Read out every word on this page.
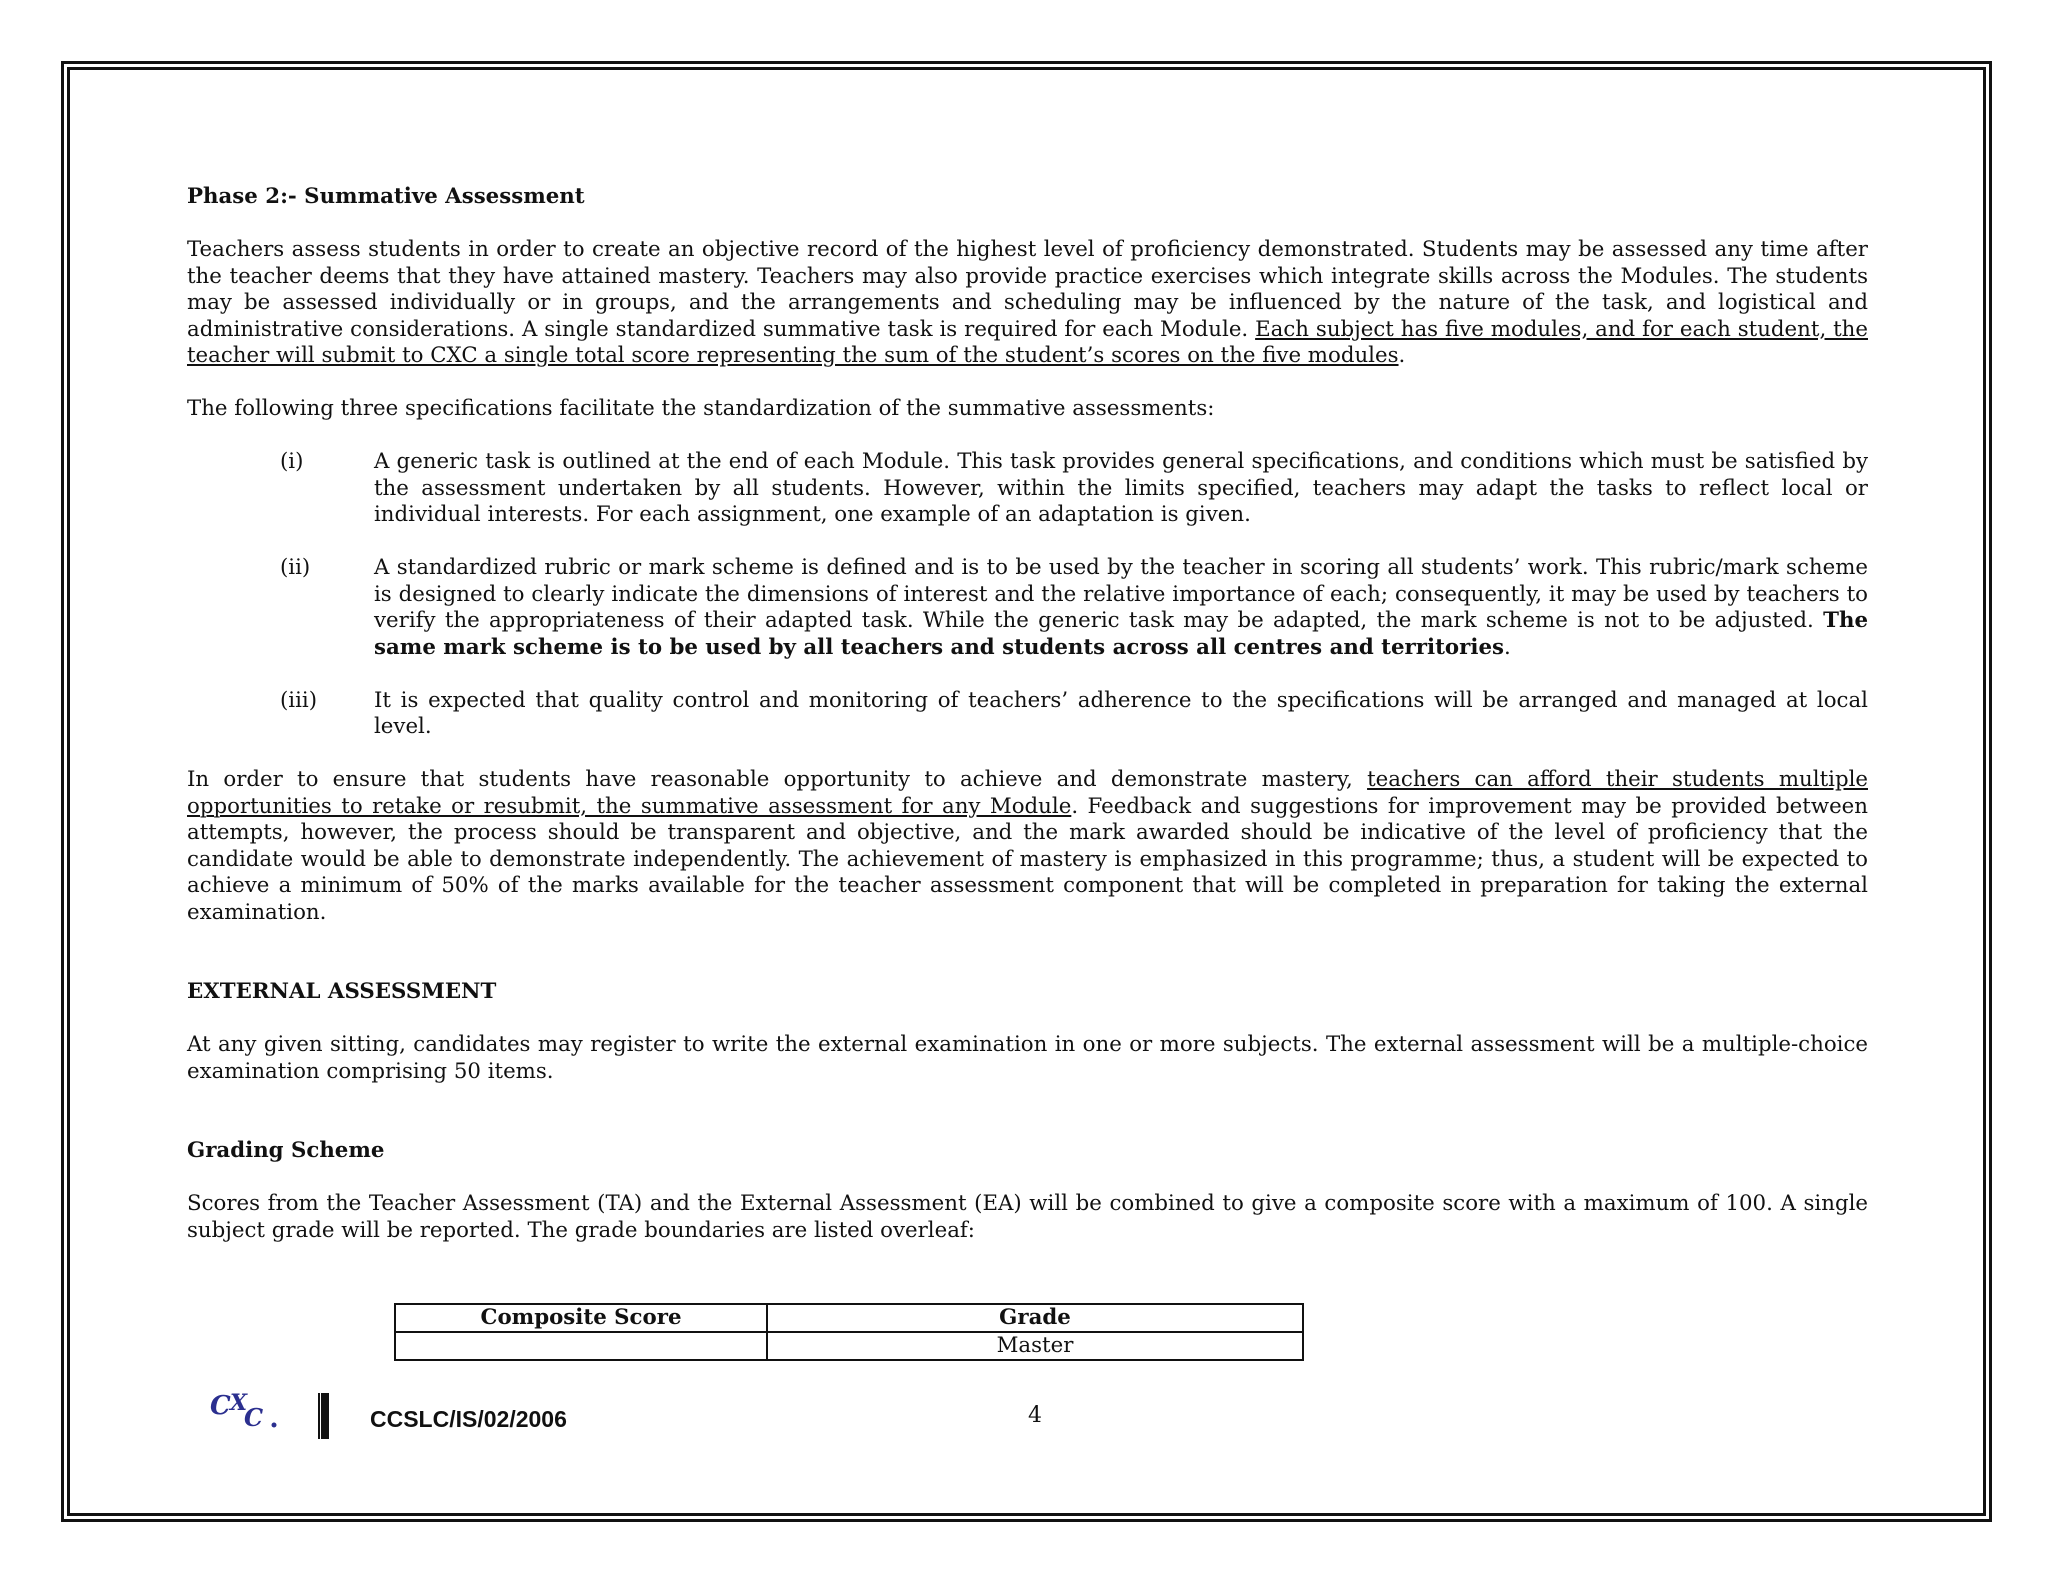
Phase 2:- Summative Assessment

Teachers assess students in order to create an objective record of the highest level of proficiency demonstrated. Students may be assessed any time after the teacher deems that they have attained mastery. Teachers may also provide practice exercises which integrate skills across the Modules. The students may be assessed individually or in groups, and the arrangements and scheduling may be influenced by the nature of the task, and logistical and administrative considerations. A single standardized summative task is required for each Module. Each subject has five modules, and for each student, the teacher will submit to CXC a single total score representing the sum of the student’s scores on the five modules.

The following three specifications facilitate the standardization of the summative assessments:

(i)	A generic task is outlined at the end of each Module. This task provides general specifications, and conditions which must be satisfied by the assessment undertaken by all students. However, within the limits specified, teachers may adapt the tasks to reflect local or individual interests. For each assignment, one example of an adaptation is given.
(ii)	A standardized rubric or mark scheme is defined and is to be used by the teacher in scoring all students’ work. This rubric/mark scheme is designed to clearly indicate the dimensions of interest and the relative importance of each; consequently, it may be used by teachers to verify the appropriateness of their adapted task. While the generic task may be adapted, the mark scheme is not to be adjusted. The same mark scheme is to be used by all teachers and students across all centres and territories.
(iii)	It is expected that quality control and monitoring of teachers’ adherence to the specifications will be arranged and managed at local level.

In order to ensure that students have reasonable opportunity to achieve and demonstrate mastery, teachers can afford their students multiple opportunities to retake or resubmit, the summative assessment for any Module. Feedback and suggestions for improvement may be provided between attempts, however, the process should be transparent and objective, and the mark awarded should be indicative of the level of proficiency that the candidate would be able to demonstrate independently. The achievement of mastery is emphasized in this programme; thus, a student will be expected to achieve a minimum of 50% of the marks available for the teacher assessment component that will be completed in preparation for taking the external examination.

EXTERNAL ASSESSMENT

At any given sitting, candidates may register to write the external examination in one or more subjects. The external assessment will be a multiple-choice examination comprising 50 items.

Grading Scheme

Scores from the Teacher Assessment (TA) and the External Assessment (EA) will be combined to give a composite score with a maximum of 100. A single subject grade will be reported. The grade boundaries are listed overleaf:

Composite Score	Grade
	Master
C X
C	CCSLC/IS/02/2006	4
